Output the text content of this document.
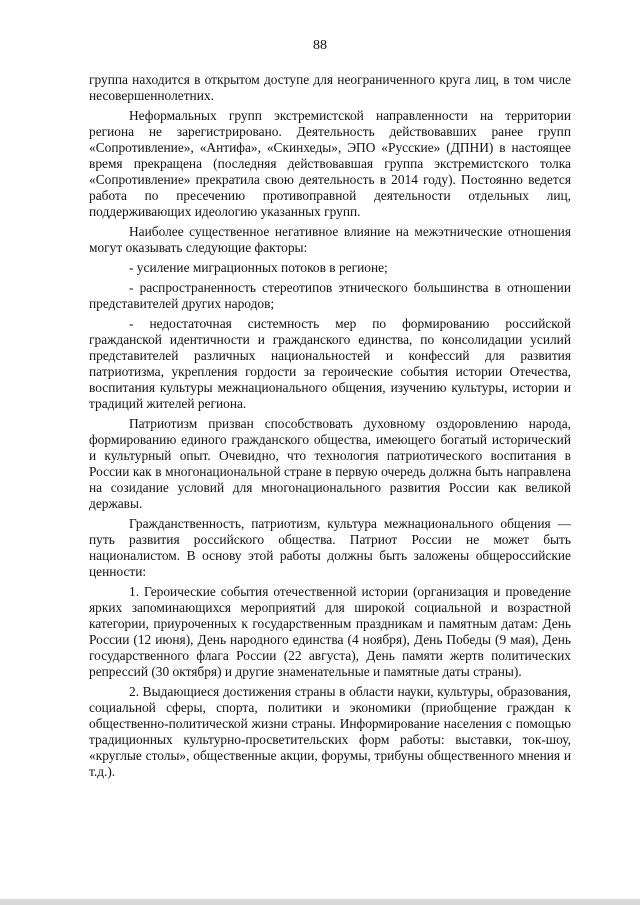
88

группа находится в открытом доступе для неограниченного круга лиц, в том числе несовершеннолетних.

Неформальных групп экстремистской направленности на территории региона не зарегистрировано. Деятельность действовавших ранее групп «Сопротивление», «Антифа», «Скинхеды», ЭПО «Русские» (ДПНИ) в настоящее время прекращена (последняя действовавшая группа экстремистского толка «Сопротивление» прекратила свою деятельность в 2014 году). Постоянно ведется работа по пресечению противоправной деятельности отдельных лиц, поддерживающих идеологию указанных групп.

Наиболее существенное негативное влияние на межэтнические отношения могут оказывать следующие факторы:

- усиление миграционных потоков в регионе;

- распространенность стереотипов этнического большинства в отношении представителей других народов;

- недостаточная системность мер по формированию российской гражданской идентичности и гражданского единства, по консолидации усилий представителей различных национальностей и конфессий для развития патриотизма, укрепления гордости за героические события истории Отечества, воспитания культуры межнационального общения, изучению культуры, истории и традиций жителей региона.

Патриотизм призван способствовать духовному оздоровлению народа, формированию единого гражданского общества, имеющего богатый исторический и культурный опыт. Очевидно, что технология патриотического воспитания в России как в многонациональной стране в первую очередь должна быть направлена на созидание условий для многонационального развития России как великой державы.

Гражданственность, патриотизм, культура межнационального общения — путь развития российского общества. Патриот России не может быть националистом. В основу этой работы должны быть заложены общероссийские ценности:

1. Героические события отечественной истории (организация и проведение ярких запоминающихся мероприятий для широкой социальной и возрастной категории, приуроченных к государственным праздникам и памятным датам: День России (12 июня), День народного единства (4 ноября), День Победы (9 мая), День государственного флага России (22 августа), День памяти жертв политических репрессий (30 октября) и другие знаменательные и памятные даты страны).

2. Выдающиеся достижения страны в области науки, культуры, образования, социальной сферы, спорта, политики и экономики (приобщение граждан к общественно-политической жизни страны. Информирование населения с помощью традиционных культурно-просветительских форм работы: выставки, ток-шоу, «круглые столы», общественные акции, форумы, трибуны общественного мнения и т.д.).
